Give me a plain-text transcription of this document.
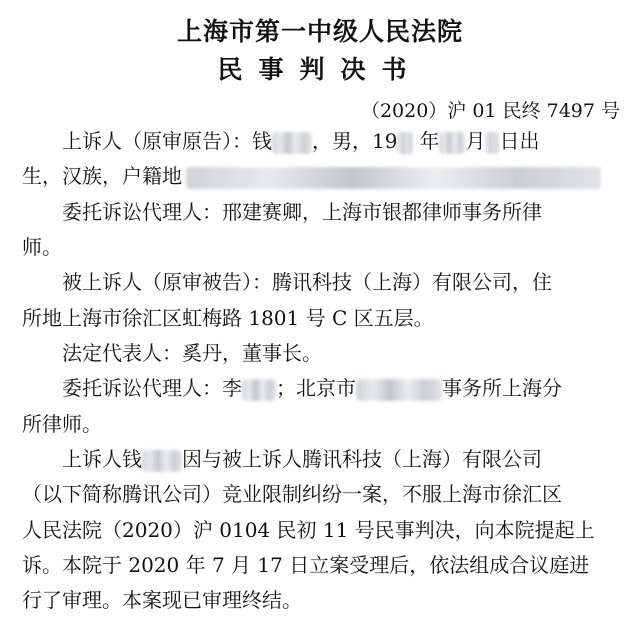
上海市第一中级人民法院
民事判决书
（2020）沪 01 民终 7497 号
上诉人（原审原告）：钱 ，男，19 年 月 日出
生，汉族，户籍地
委托诉讼代理人：邢建赛卿，上海市银都律师事务所律
师。
被上诉人（原审被告）：腾讯科技（上海）有限公司，住
所地上海市徐汇区虹梅路 1801 号 C 区五层。
法定代表人：奚丹，董事长。
委托诉讼代理人：李 ；北京市	事务所上海分
所律师。
上诉人钱 因与被上诉人腾讯科技（上海）有限公司
（以下简称腾讯公司）竞业限制纠纷一案，不服上海市徐汇区
人民法院（2020）沪 0104 民初 11 号民事判决，向本院提起上
诉。本院于 2020 年 7 月 17 日立案受理后，依法组成合议庭进
行了审理。本案现已审理终结。
